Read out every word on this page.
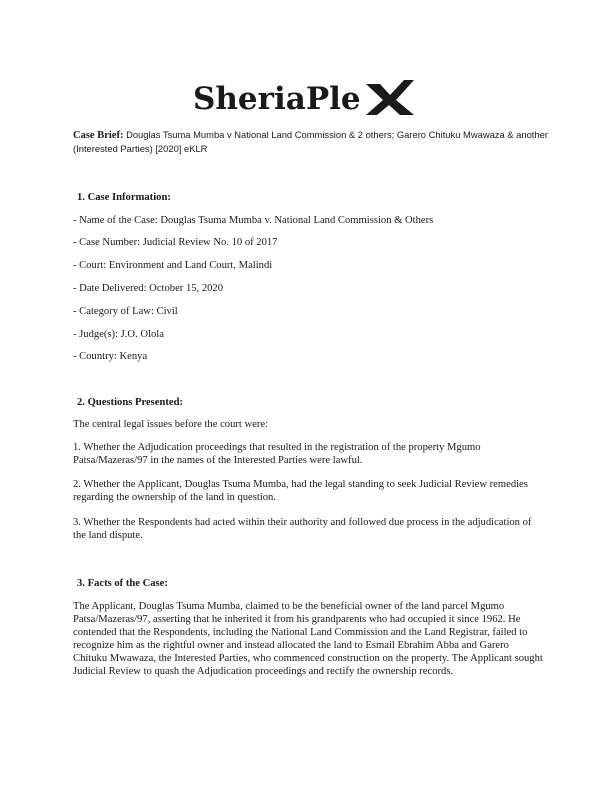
SheriaPle
Case Brief: Douglas Tsuma Mumba v National Land Commission & 2 others; Garero Chituku Mwawaza & another (Interested Parties) [2020] eKLR
1. Case Information:
- Name of the Case: Douglas Tsuma Mumba v. National Land Commission & Others
- Case Number: Judicial Review No. 10 of 2017
- Court: Environment and Land Court, Malindi
- Date Delivered: October 15, 2020
- Category of Law: Civil
- Judge(s): J.O. Olola
- Country: Kenya
2. Questions Presented:
The central legal issues before the court were:
1. Whether the Adjudication proceedings that resulted in the registration of the property Mgumo Patsa/Mazeras/97 in the names of the Interested Parties were lawful.
2. Whether the Applicant, Douglas Tsuma Mumba, had the legal standing to seek Judicial Review remedies regarding the ownership of the land in question.
3. Whether the Respondents had acted within their authority and followed due process in the adjudication of the land dispute.
3. Facts of the Case:
The Applicant, Douglas Tsuma Mumba, claimed to be the beneficial owner of the land parcel Mgumo Patsa/Mazeras/97, asserting that he inherited it from his grandparents who had occupied it since 1962. He contended that the Respondents, including the National Land Commission and the Land Registrar, failed to recognize him as the rightful owner and instead allocated the land to Esmail Ebrahim Abba and Garero Chituku Mwawaza, the Interested Parties, who commenced construction on the property. The Applicant sought Judicial Review to quash the Adjudication proceedings and rectify the ownership records.
